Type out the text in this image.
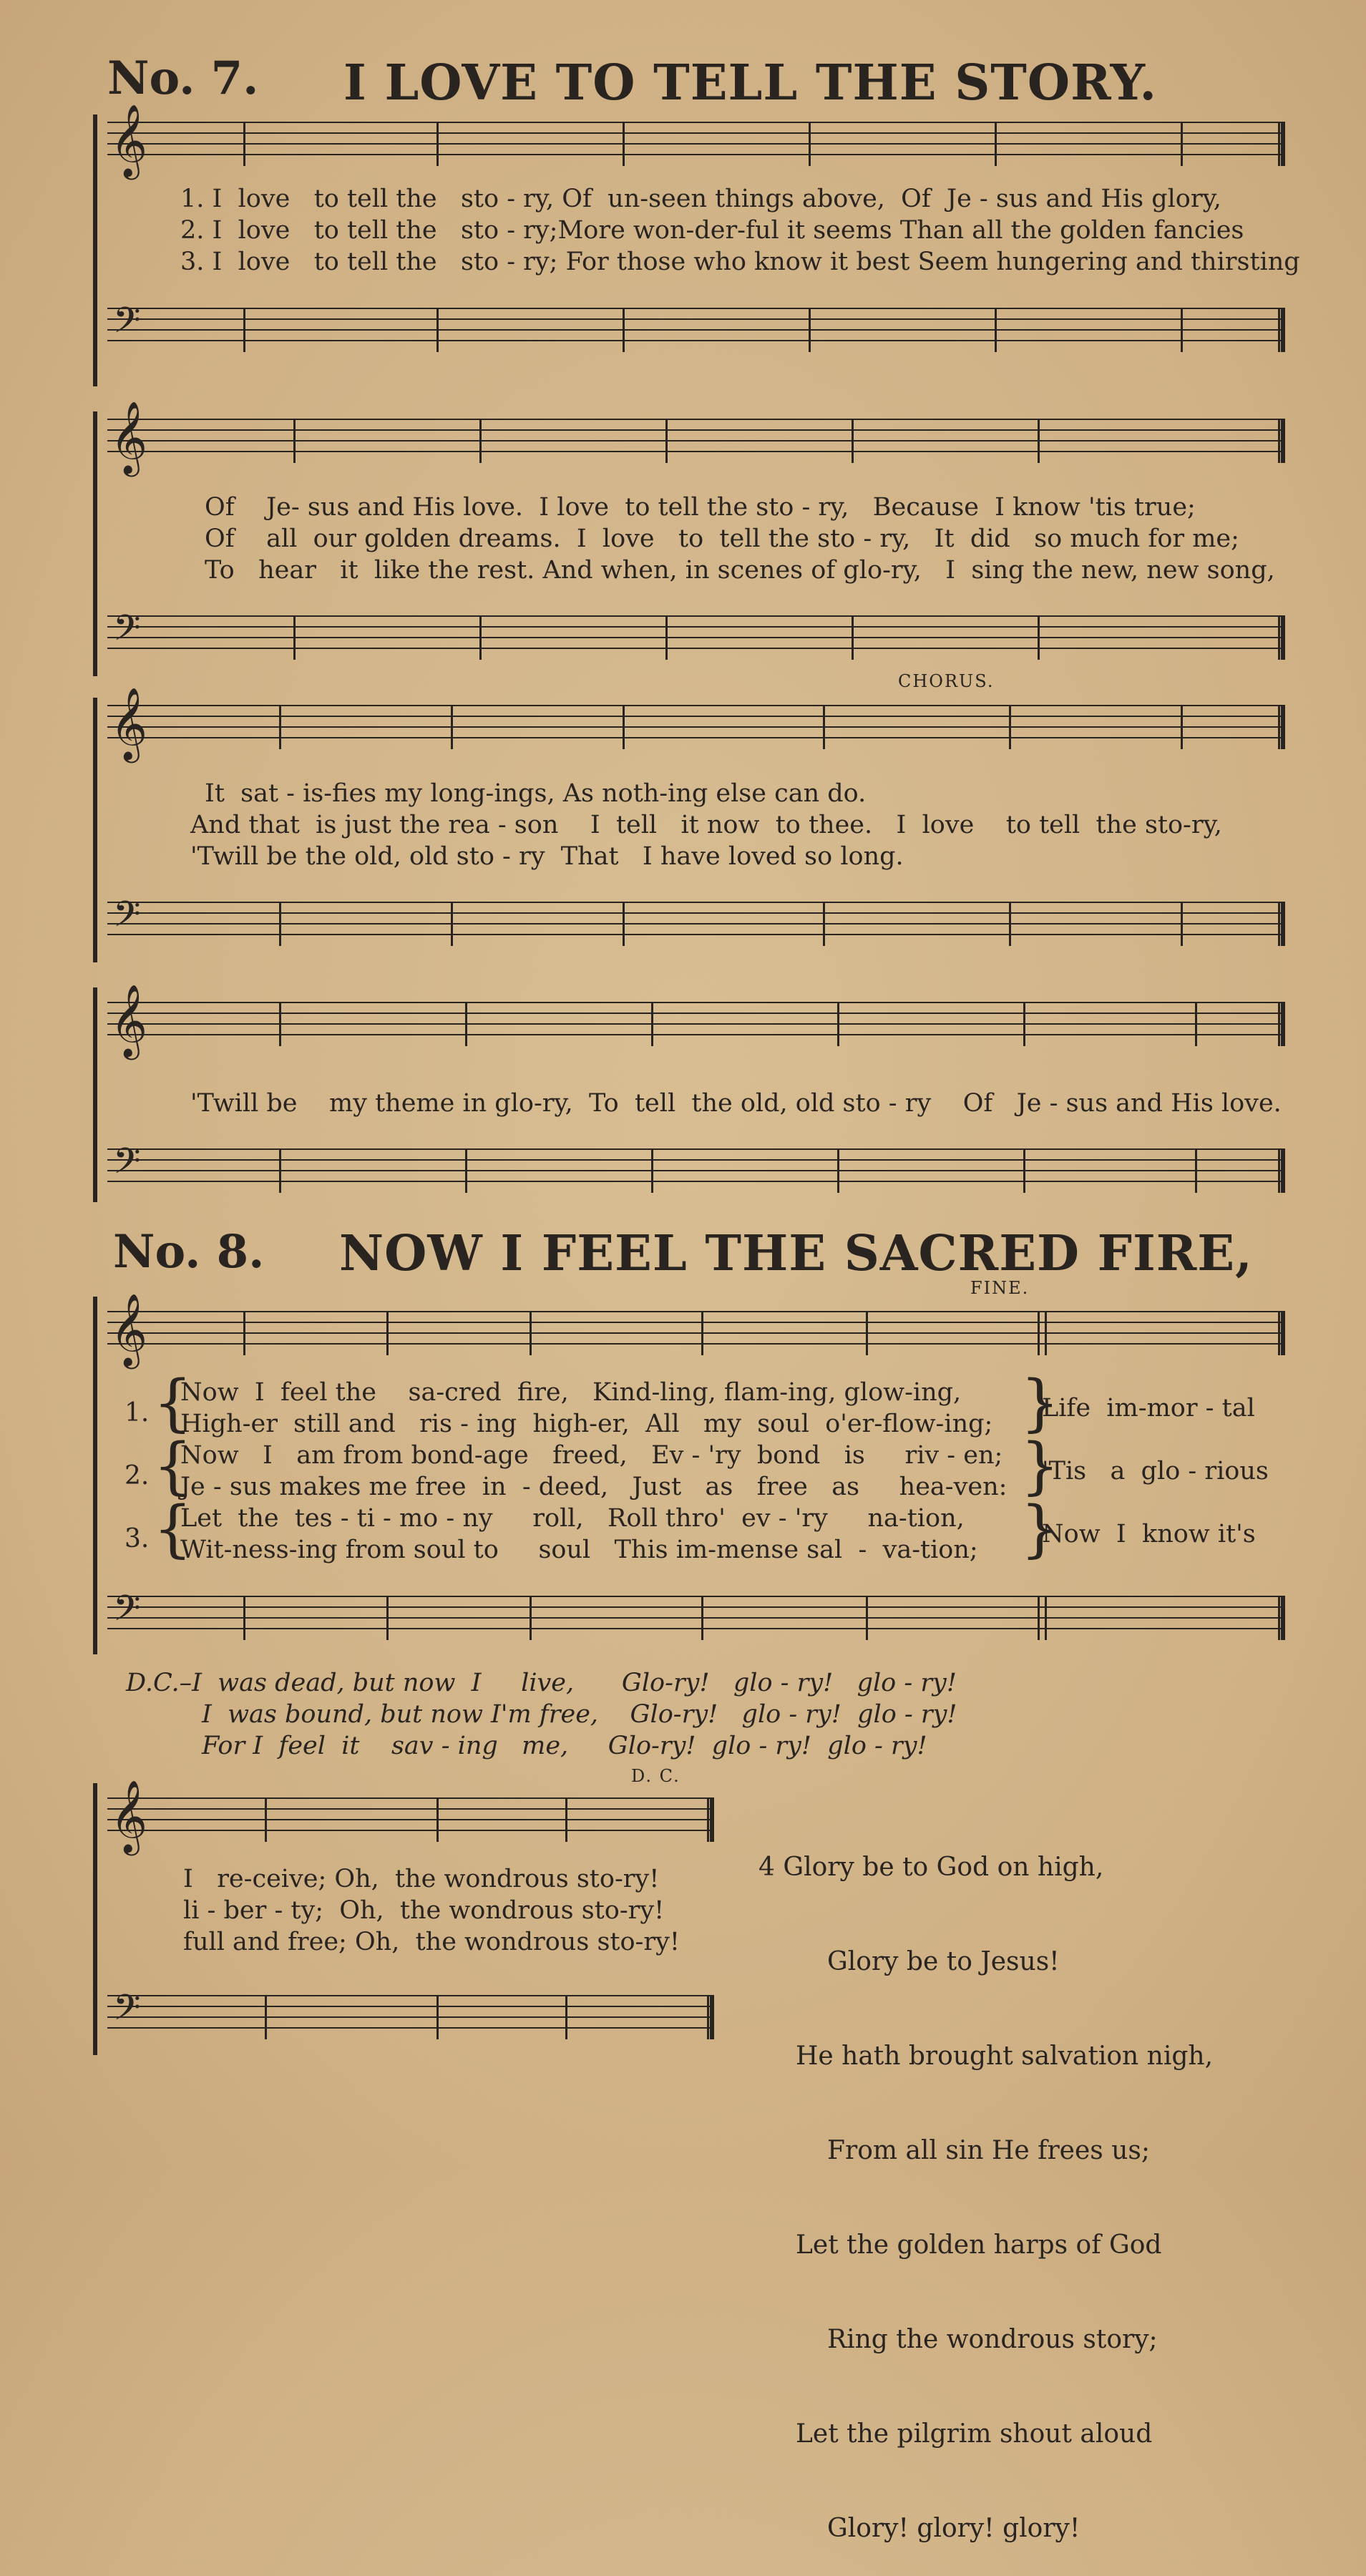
No. 7. I LOVE TO TELL THE STORY.
𝄞
1. I  love   to tell the   sto - ry, Of  un-seen things above,  Of  Je - sus and His glory,
2. I  love   to tell the   sto - ry;More won-der-ful it seems Than all the golden fancies
3. I  love   to tell the   sto - ry; For those who know it best Seem hungering and thirsting
𝄢
𝄞
Of    Je- sus and His love.  I love  to tell the sto - ry,   Because  I know 'tis true;
Of    all  our golden dreams.  I  love   to  tell the sto - ry,   It  did   so much for me;
To   hear   it  like the rest. And when, in scenes of glo-ry,   I  sing the new, new song,
𝄢
CHORUS.
𝄞
It  sat - is-fies my long-ings, As noth-ing else can do.
And that  is just the rea - son    I  tell   it now  to thee.   I  love    to tell  the sto-ry,
'Twill be the old, old sto - ry  That   I have loved so long.
𝄢
𝄞
'Twill be    my theme in glo-ry,  To  tell  the old, old sto - ry    Of   Je - sus and His love.
𝄢
No. 8. NOW I FEEL THE SACRED FIRE,
FINE.
𝄞
1. {
Now  I  feel the    sa-cred  fire,   Kind-ling, flam-ing, glow-ing,
High-er  still and   ris - ing  high-er,  All   my  soul  o'er-flow-ing; }
Life  im-mor - tal
2. {
Now   I   am from bond-age   freed,   Ev - 'ry  bond   is     riv - en;
Je - sus makes me free  in  - deed,   Just   as   free   as     hea-ven: }
'Tis   a  glo - rious
3. {
Let  the  tes - ti - mo - ny     roll,   Roll thro'  ev - 'ry     na-tion,
Wit-ness-ing from soul to     soul   This im-mense sal  -  va-tion; }
Now  I  know it's
𝄢
D.C.–I  was dead, but now  I     live,      Glo-ry!   glo - ry!   glo - ry!
I  was bound, but now I'm free,    Glo-ry!   glo - ry!  glo - ry!
For I  feel  it    sav - ing   me,     Glo-ry!  glo - ry!  glo - ry!
D. C.
𝄞
I   re-ceive; Oh,  the wondrous sto-ry!
li - ber - ty;  Oh,  the wondrous sto-ry!
full and free; Oh,  the wondrous sto-ry!
𝄢

4 Glory be to God on high,

Glory be to Jesus!

He hath brought salvation nigh,

From all sin He frees us;

Let the golden harps of God

Ring the wondrous story;

Let the pilgrim shout aloud

Glory! glory! glory!
